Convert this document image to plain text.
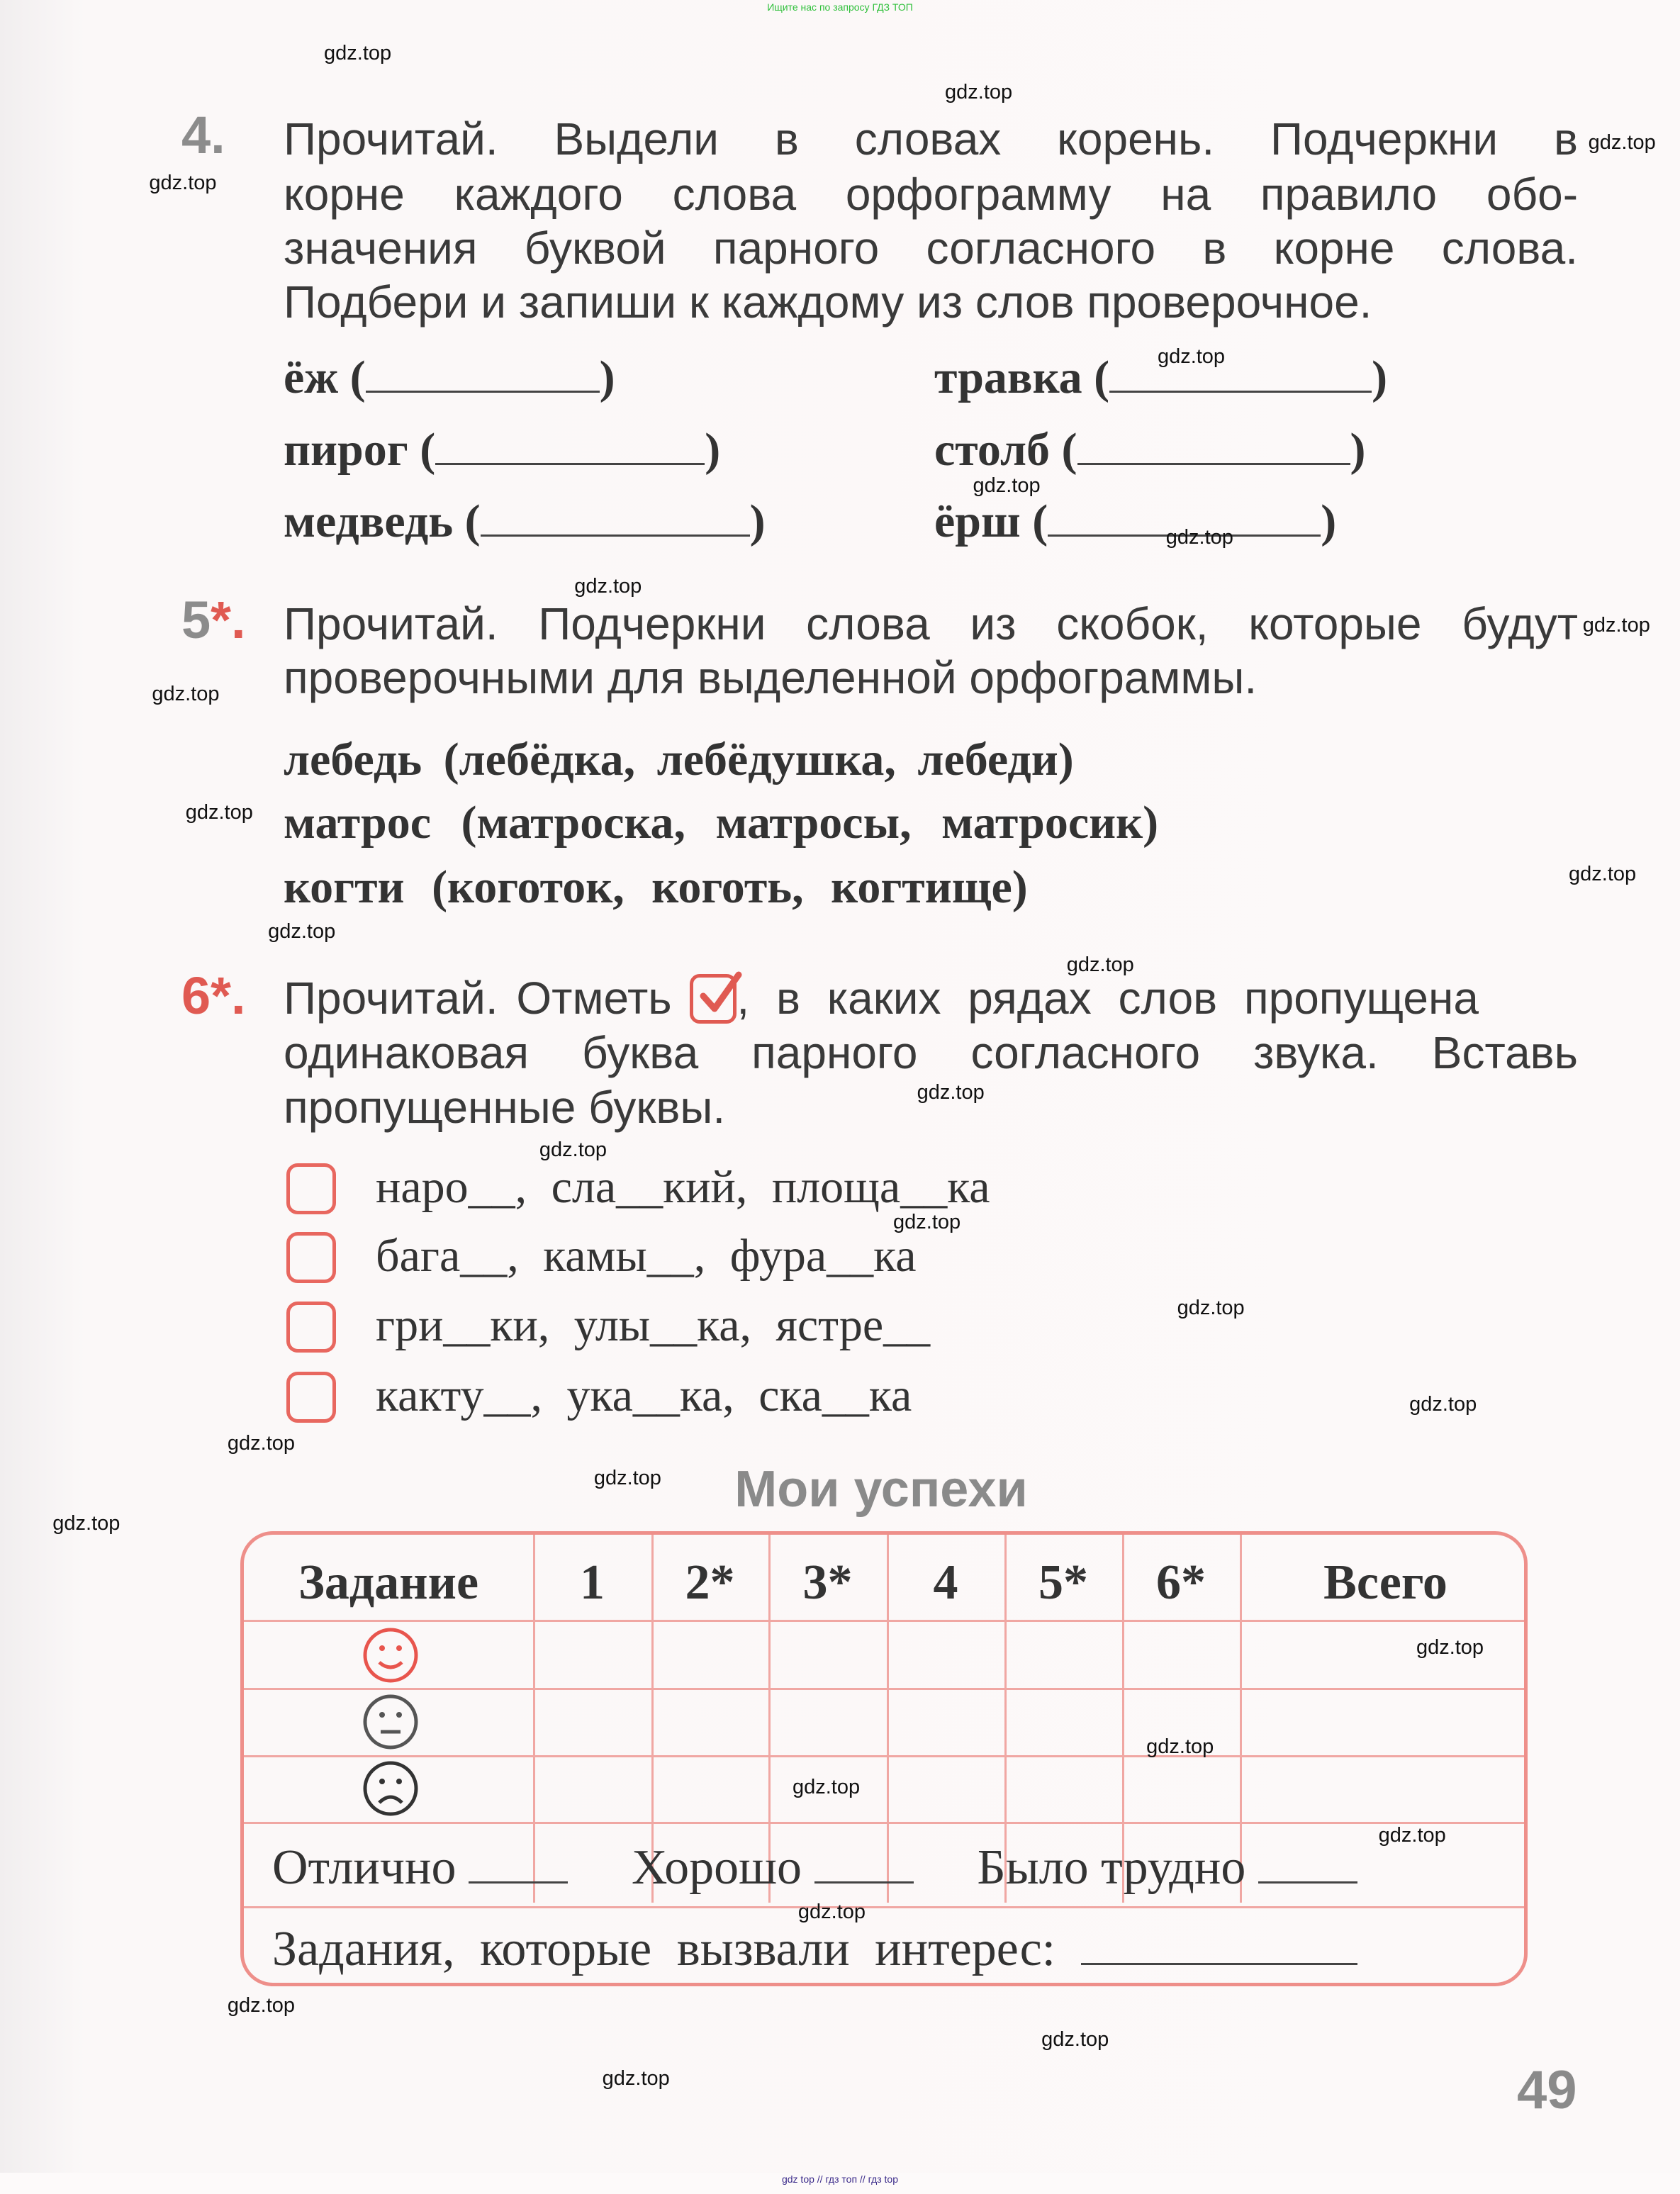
Ищите нас по запросу ГДЗ ТОП
4. Прочитай. Выдели в словах корень. Подчеркни в
корне каждого слова орфограмму на правило обо-
значения буквой парного согласного в корне слова.
Подбери и запиши к каждому из слов проверочное.
ёж (	)	травка (	)
пирог (	)	столб (	)
медведь (	)	ёрш (	)
5*. Прочитай. Подчеркни слова из скобок, которые будут
проверочными для выделенной орфограммы.
лебедь (лебёдка, лебёдушка, лебеди)
матрос (матроска, матросы, матросик)
когти (коготок, коготь, когтище)
6*. Прочитай. Отметь , в каких рядах слов пропущена
одинаковая буква парного согласного звука. Вставь
пропущенные буквы.
наро__, сла__кий, площа__ка
бага__, камы__, фура__ка
гри__ки, улы__ка, ястре__
какту__, ука__ка, ска__ка
Мои успехи
Задание	1	2*	3*	4	5*	6*	Всего
Отлично	Хорошо	Было трудно
Задания, которые вызвали интерес:
49
gdz top // гдз топ // гдз top
gdz.top
gdz.top
gdz.top
gdz.top
gdz.top
gdz.top
gdz.top
gdz.top
gdz.top
gdz.top
gdz.top
gdz.top
gdz.top
gdz.top
gdz.top
gdz.top
gdz.top
gdz.top
gdz.top
gdz.top
gdz.top
gdz.top
gdz.top
gdz.top
gdz.top
gdz.top
gdz.top
gdz.top
gdz.top
gdz.top
